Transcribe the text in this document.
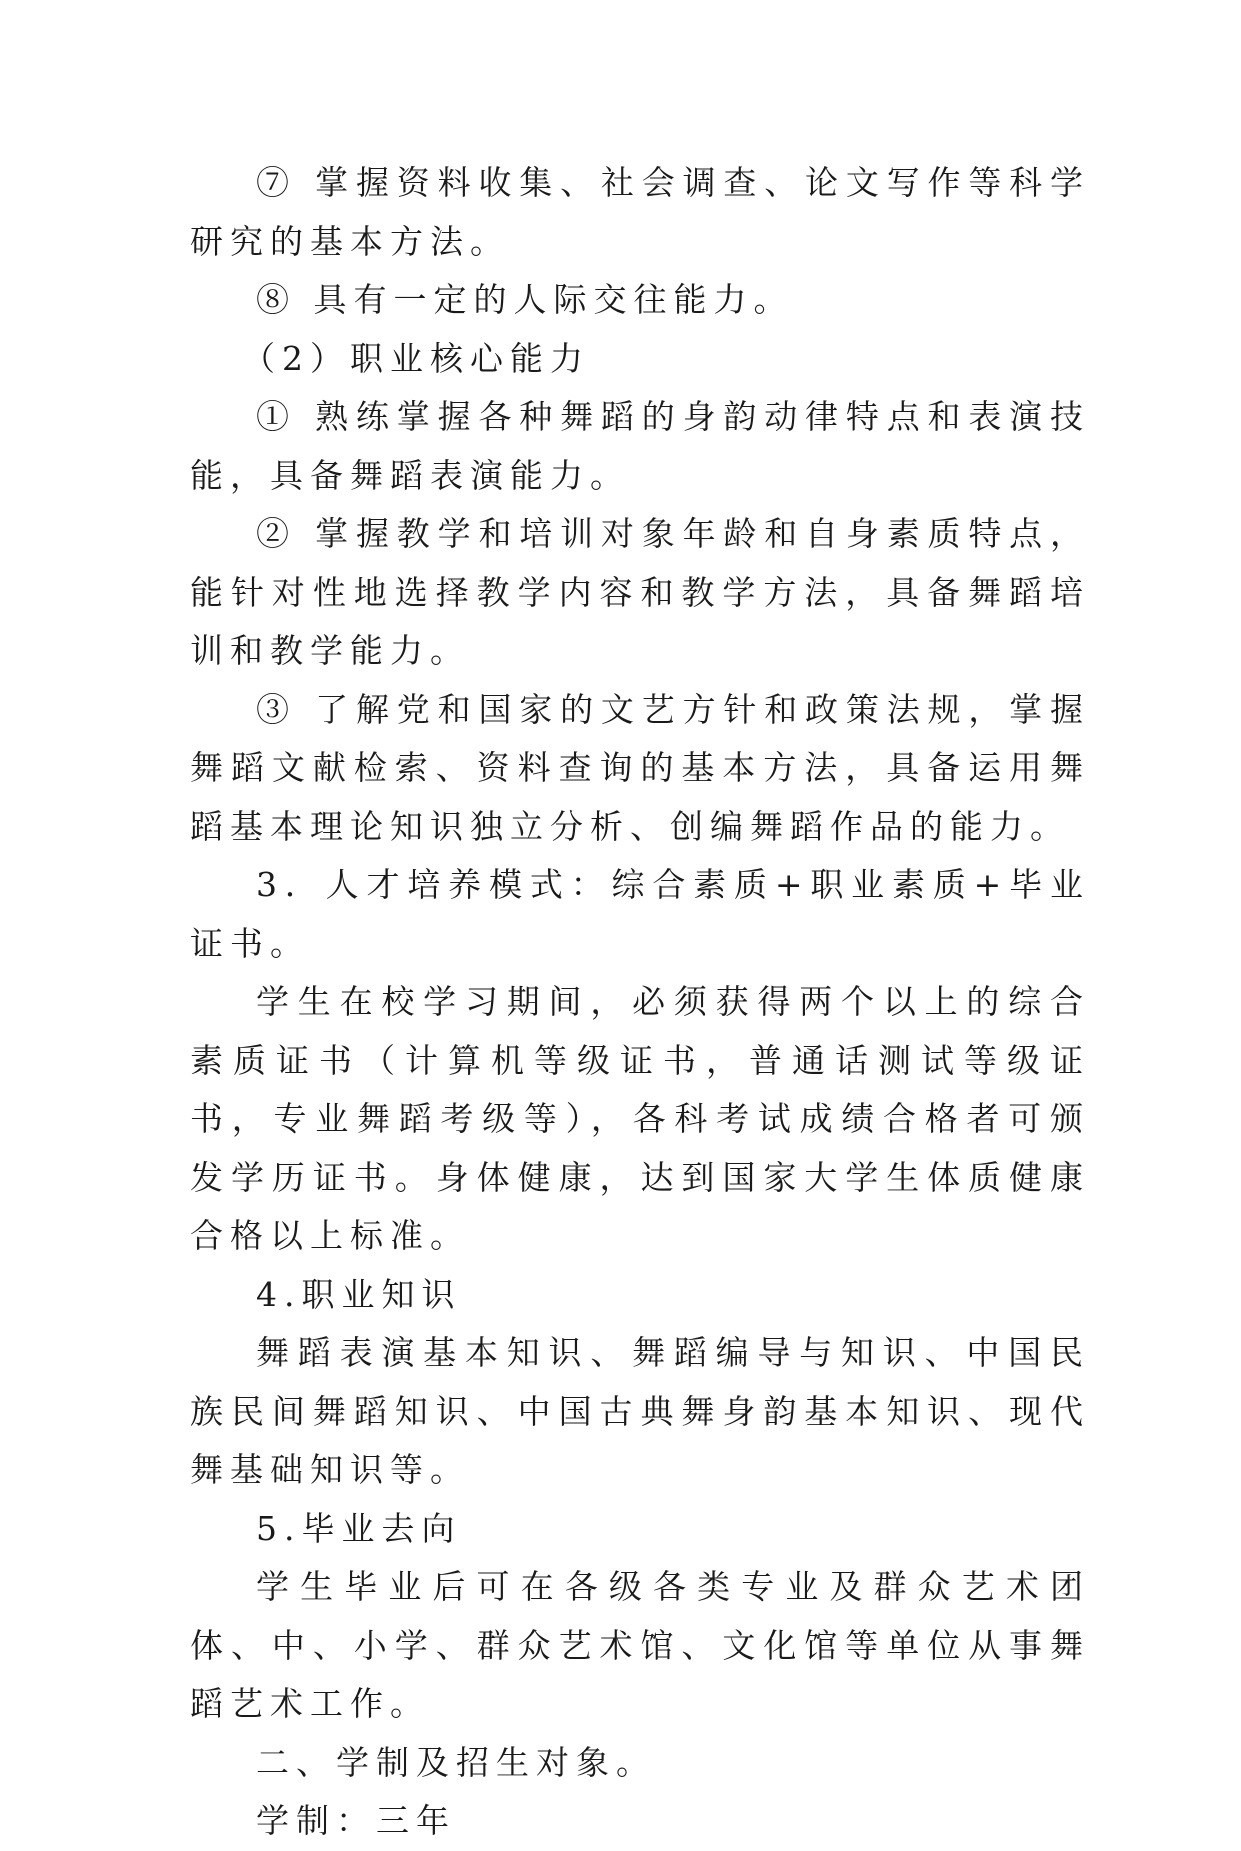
⑦ 掌握资料收集、社会调查、论文写作等科学研究的基本方法。

⑧ 具有一定的人际交往能力。

（2）职业核心能力

① 熟练掌握各种舞蹈的身韵动律特点和表演技能，具备舞蹈表演能力。

② 掌握教学和培训对象年龄和自身素质特点，能针对性地选择教学内容和教学方法，具备舞蹈培训和教学能力。

③ 了解党和国家的文艺方针和政策法规，掌握舞蹈文献检索、资料查询的基本方法，具备运用舞蹈基本理论知识独立分析、创编舞蹈作品的能力。

3．人才培养模式：综合素质+职业素质+毕业证书。

学生在校学习期间，必须获得两个以上的综合素质证书（计算机等级证书，普通话测试等级证书，专业舞蹈考级等），各科考试成绩合格者可颁发学历证书。身体健康，达到国家大学生体质健康合格以上标准。

4.职业知识

舞蹈表演基本知识、舞蹈编导与知识、中国民族民间舞蹈知识、中国古典舞身韵基本知识、现代舞基础知识等。

5.毕业去向

学生毕业后可在各级各类专业及群众艺术团体、中、小学、群众艺术馆、文化馆等单位从事舞蹈艺术工作。

二、学制及招生对象。

学制：三年
